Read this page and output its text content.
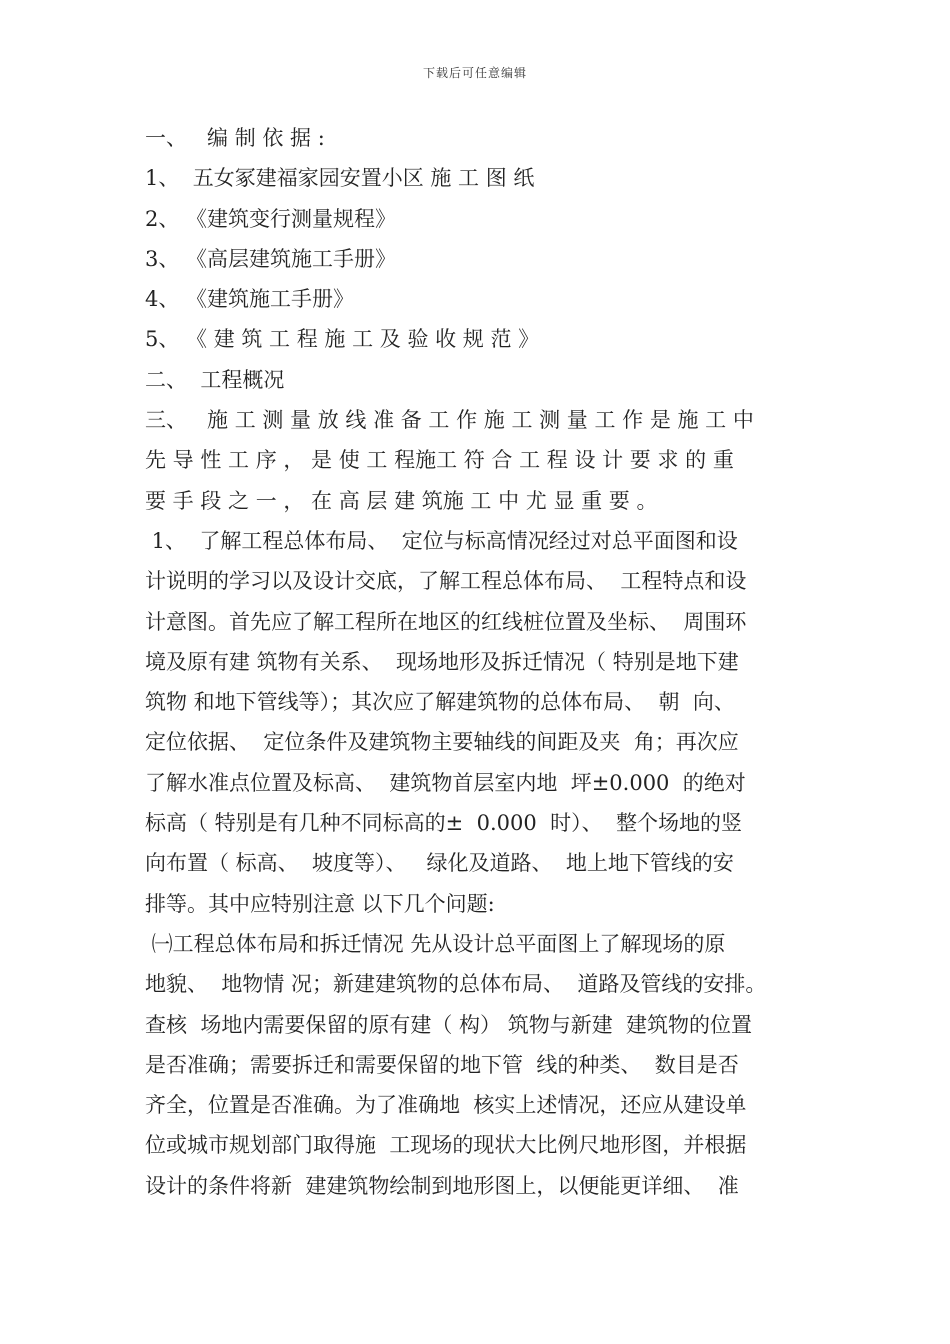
下载后可任意编辑
一、   编 制 依 据 :
1、  五女冢建福家园安置小区 施 工 图 纸
2、 《建筑变行测量规程》
3、 《高层建筑施工手册》
4、 《建筑施工手册》
5、 《 建 筑 工 程 施 工 及 验 收 规 范 》
二、  工程概况
三、   施 工 测 量 放 线 准 备 工 作 施 工 测 量 工 作 是 施 工 中
先 导 性 工 序 ， 是 使 工 程施工 符 合 工 程 设 计 要 求 的 重
要 手 段 之 一 ， 在 高 层 建 筑施 工 中 尤 显 重 要 。
1、  了解工程总体布局、  定位与标高情况经过对总平面图和设
计说明的学习以及设计交底，了解工程总体布局、  工程特点和设
计意图。首先应了解工程所在地区的红线桩位置及坐标、  周围环
境及原有建 筑物有关系、  现场地形及拆迁情况（ 特别是地下建
筑物 和地下管线等）；其次应了解建筑物的总体布局、  朝  向、
定位依据、  定位条件及建筑物主要轴线的间距及夹  角；再次应
了解水准点位置及标高、  建筑物首层室内地  坪±0.000  的绝对
标高（ 特别是有几种不同标高的±  0.000  时）、  整个场地的竖
向布置（ 标高、  坡度等）、   绿化及道路、  地上地下管线的安
排等。其中应特别注意 以下几个问题:
㈠工程总体布局和拆迁情况 先从设计总平面图上了解现场的原
地貌、  地物情 况；新建建筑物的总体布局、  道路及管线的安排。
查核  场地内需要保留的原有建（ 构） 筑物与新建  建筑物的位置
是否准确；需要拆迁和需要保留的地下管  线的种类、  数目是否
齐全，位置是否准确。为了准确地  核实上述情况，还应从建设单
位或城市规划部门取得施  工现场的现状大比例尺地形图，并根据
设计的条件将新  建建筑物绘制到地形图上，以便能更详细、  准
